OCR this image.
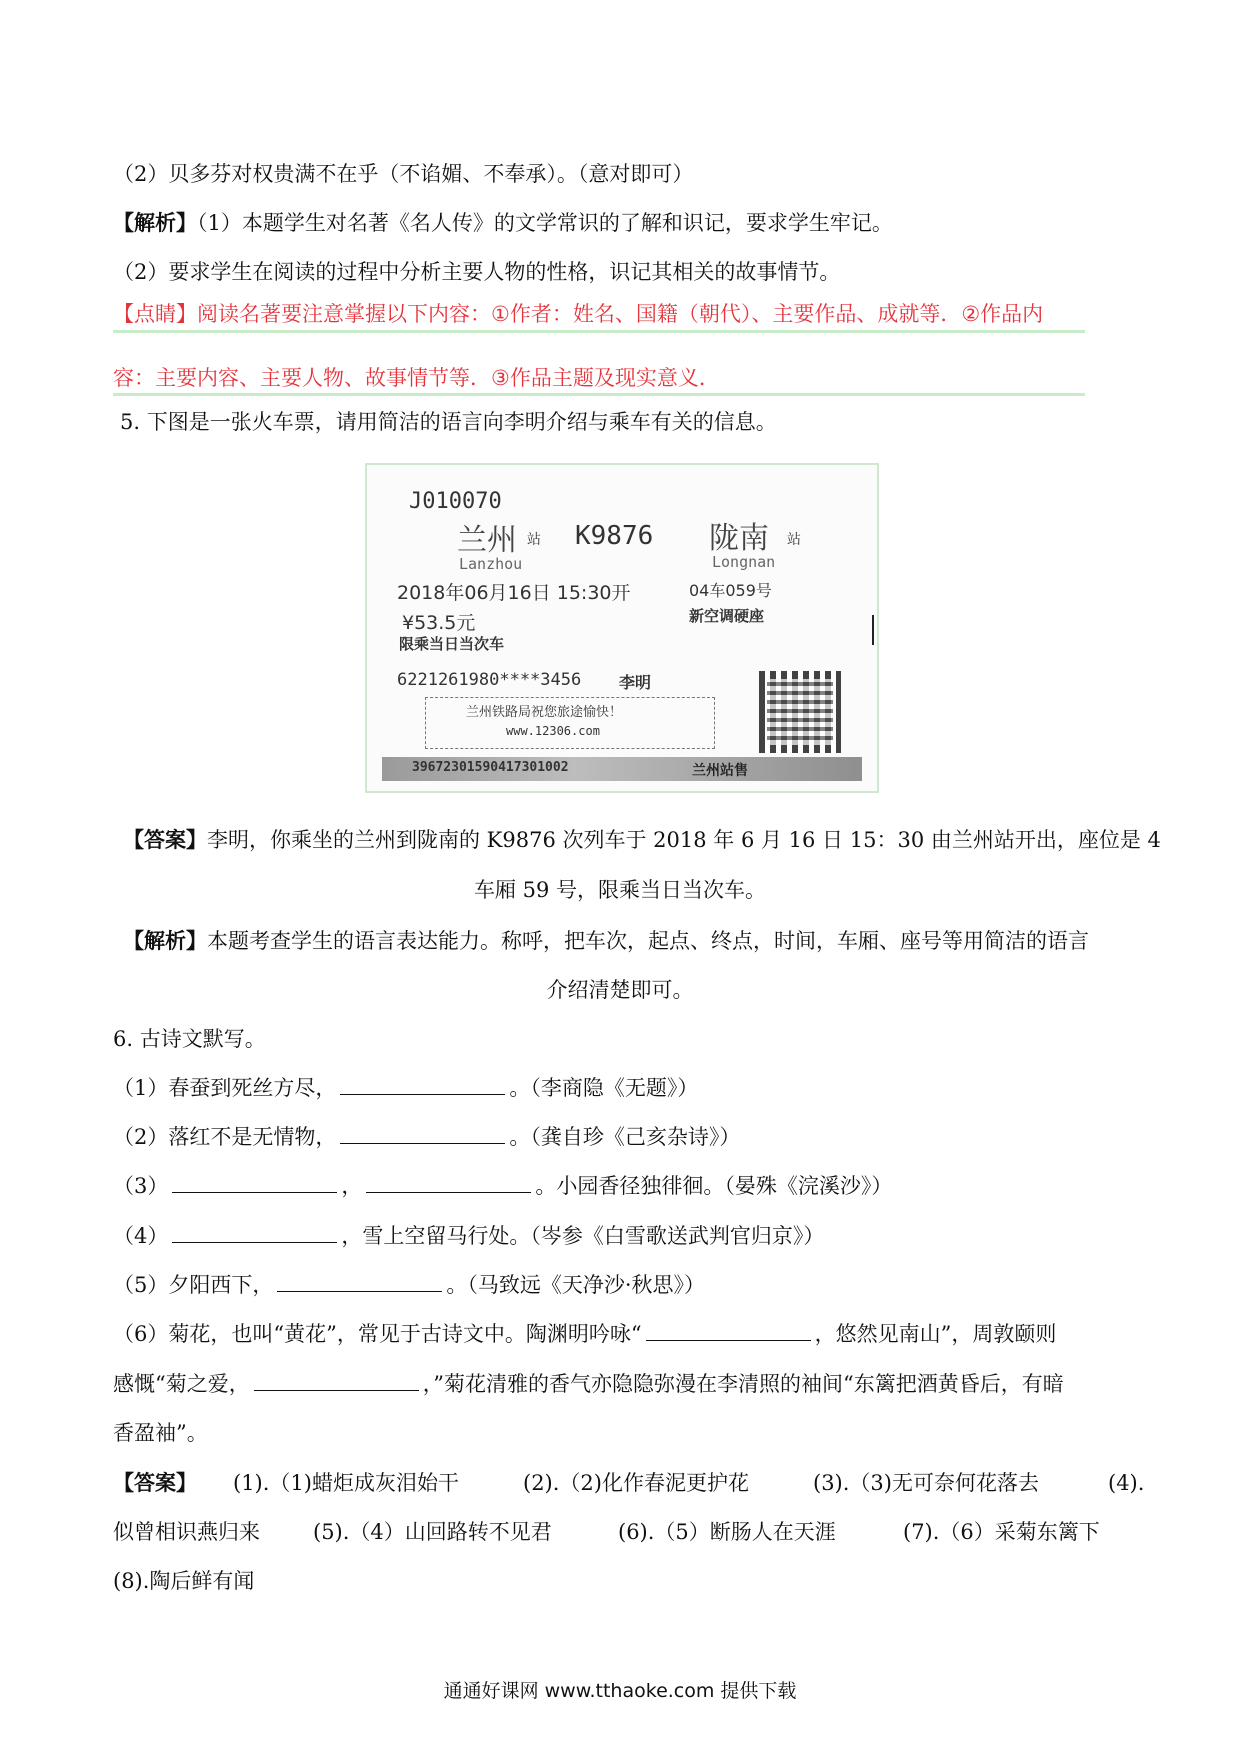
（2）贝多芬对权贵满不在乎（不谄媚、不奉承）。（意对即可）
【解析】（1）本题学生对名著《名人传》的文学常识的了解和识记，要求学生牢记。
（2）要求学生在阅读的过程中分析主要人物的性格，识记其相关的故事情节。
【点睛】阅读名著要注意掌握以下内容：①作者：姓名、国籍（朝代）、主要作品、成就等．②作品内
容：主要内容、主要人物、故事情节等．③作品主题及现实意义．
5. 下图是一张火车票，请用简洁的语言向李明介绍与乘车有关的信息。
J010070
兰州 站 K9876 陇南 站
Lanzhou	Longnan
2018年06月16日 15:30开	04车059号
¥53.5元	新空调硬座
限乘当日当次车
6221261980****3456 李明
兰州铁路局祝您旅途愉快！
www.12306.com
39672301590417301002	兰州站售
【答案】李明，你乘坐的兰州到陇南的 K9876 次列车于 2018 年 6 月 16 日 15：30 由兰州站开出，座位是 4
车厢 59 号，限乘当日当次车。
【解析】本题考查学生的语言表达能力。称呼，把车次，起点、终点，时间，车厢、座号等用简洁的语言
介绍清楚即可。
6. 古诗文默写。
（1）春蚕到死丝方尽，	。（李商隐《无题》）
（2）落红不是无情物，	。（龚自珍《己亥杂诗》）
（3）	，	。小园香径独徘徊。（晏殊《浣溪沙》）
（4）	，雪上空留马行处。（岑参《白雪歌送武判官归京》）
（5）夕阳西下，	。（马致远《天净沙·秋思》）
（6）菊花，也叫“黄花”，常见于古诗文中。陶渊明吟咏“	，悠然见南山”，周敦颐则
感慨“菊之爱，	，”菊花清雅的香气亦隐隐弥漫在李清照的袖间“东篱把酒黄昏后，有暗
香盈袖”。
【答案】 (1).（1)蜡炬成灰泪始干	(2).（2)化作春泥更护花	(3).（3)无可奈何花落去	(4).
似曾相识燕归来	(5).（4）山回路转不见君	(6).（5）断肠人在天涯	(7).（6）采菊东篱下
(8).陶后鲜有闻
通通好课网 www.tthaoke.com 提供下载
